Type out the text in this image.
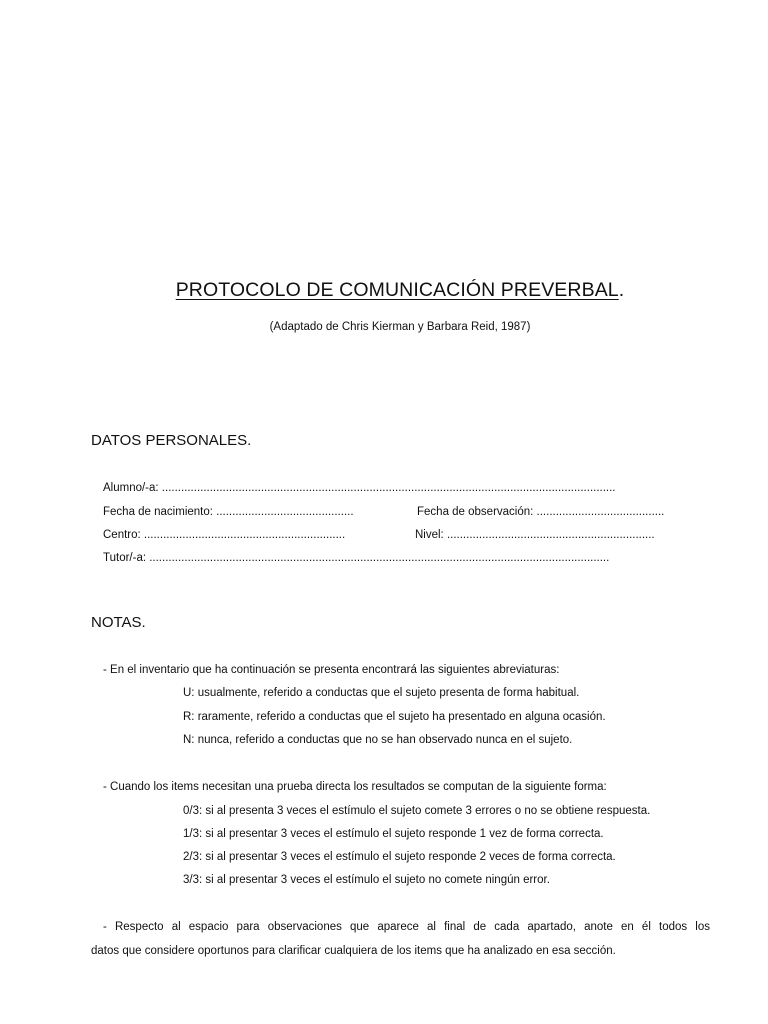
PROTOCOLO DE COMUNICACIÓN PREVERBAL.
(Adaptado de Chris Kierman y Barbara Reid, 1987)
DATOS PERSONALES.
Alumno/-a: ..............................................................................................................................................
Fecha de nacimiento: ...........................................	Fecha de observación: ........................................
Centro: ...............................................................	Nivel: .................................................................
Tutor/-a: ................................................................................................................................................
NOTAS.
- En el inventario que ha continuación se presenta encontrará las siguientes abreviaturas:
U: usualmente, referido a conductas que el sujeto presenta de forma habitual.
R: raramente, referido a conductas que el sujeto ha presentado en alguna ocasión.
N: nunca, referido a conductas que no se han observado nunca en el sujeto.
- Cuando los items necesitan una prueba directa los resultados se computan de la siguiente forma:
0/3: si al presenta 3 veces el estímulo el sujeto comete 3 errores o no se obtiene respuesta.
1/3: si al presentar 3 veces el estímulo el sujeto responde 1 vez de forma correcta.
2/3: si al presentar 3 veces el estímulo el sujeto responde 2 veces de forma correcta.
3/3: si al presentar 3 veces el estímulo el sujeto no comete ningún error.
- Respecto al espacio para observaciones que aparece al final de cada apartado, anote en él todos los
datos que considere oportunos para clarificar cualquiera de los items que ha analizado en esa sección.
